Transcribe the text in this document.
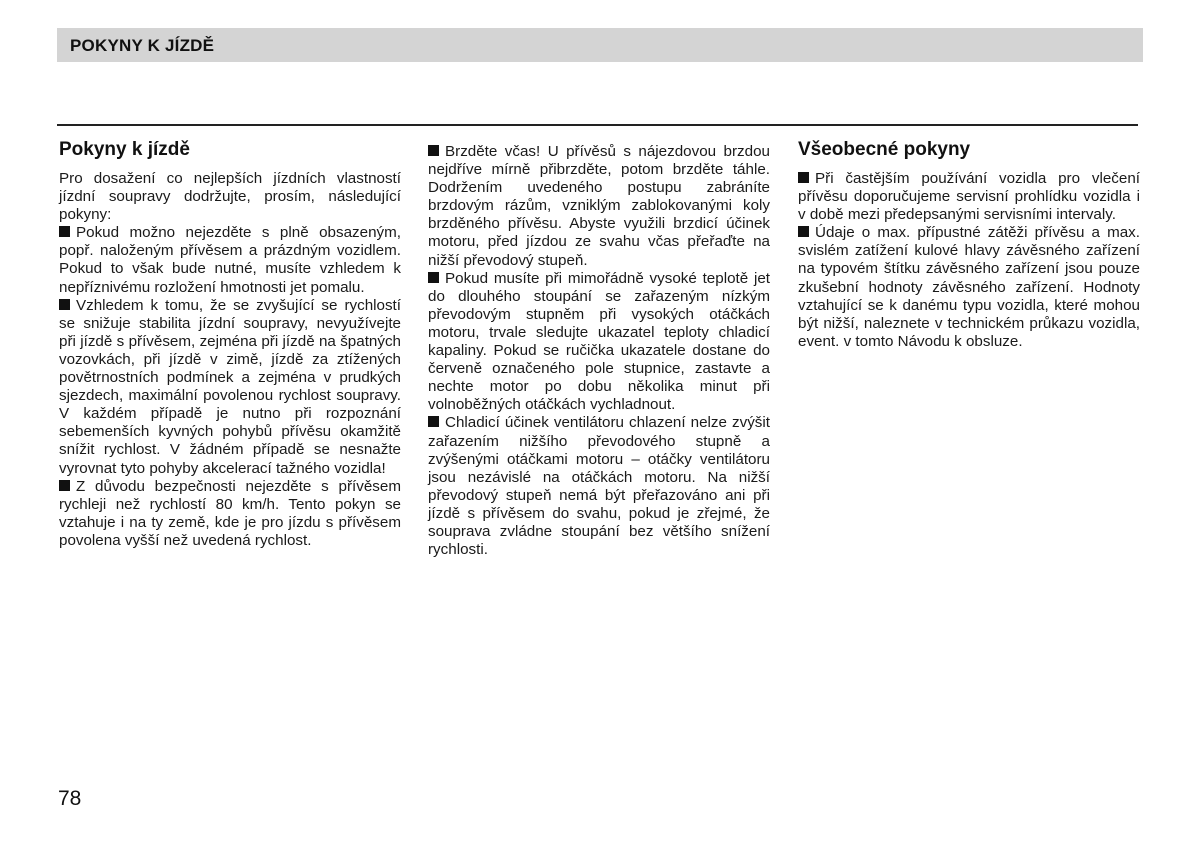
POKYNY K JÍZDĚ
Pokyny k jízdě

Pro dosažení co nejlepších jízdních vlastností jízdní soupravy dodržujte, prosím, následující pokyny:

Pokud možno nejezděte s plně obsazeným, popř. naloženým přívěsem a prázdným vozidlem. Pokud to však bude nutné, musíte vzhledem k nepříznivému rozložení hmotnosti jet pomalu.

Vzhledem k tomu, že se zvyšující se rychlostí se snižuje stabilita jízdní soupravy, nevyužívejte při jízdě s přívěsem, zejména při jízdě na špatných vozovkách, při jízdě v zimě, jízdě za ztížených povětrnostních podmínek a zejména v prudkých sjezdech, maximální povolenou rychlost soupravy. V každém případě je nutno při rozpoznání sebemenších kyvných pohybů přívěsu okamžitě snížit rychlost. V žádném případě se nesnažte vyrovnat tyto pohyby akcelerací tažného vozidla!

Z důvodu bezpečnosti nejezděte s přívěsem rychleji než rychlostí 80 km/h. Tento pokyn se vztahuje i na ty země, kde je pro jízdu s přívěsem povolena vyšší než uvedená rychlost.

Brzděte včas! U přívěsů s nájezdovou brzdou nejdříve mírně přibrzděte, potom brzděte táhle. Dodržením uvedeného postupu zabráníte brzdovým rázům, vzniklým zablokovanými koly brzděného přívěsu. Abyste využili brzdicí účinek motoru, před jízdou ze svahu včas přeřaďte na nižší převodový stupeň.

Pokud musíte při mimořádně vysoké teplotě jet do dlouhého stoupání se zařazeným nízkým převodovým stupněm při vysokých otáčkách motoru, trvale sledujte ukazatel teploty chladicí kapaliny. Pokud se ručička ukazatele dostane do červeně označeného pole stupnice, zastavte a nechte motor po dobu několika minut při volnoběžných otáčkách vychladnout.

Chladicí účinek ventilátoru chlazení nelze zvýšit zařazením nižšího převodového stupně a zvýšenými otáčkami motoru – otáčky ventilátoru jsou nezávislé na otáčkách motoru. Na nižší převodový stupeň nemá být přeřazováno ani při jízdě s přívěsem do svahu, pokud je zřejmé, že souprava zvládne stoupání bez většího snížení rychlosti.

Všeobecné pokyny

Při častějším používání vozidla pro vlečení přívěsu doporučujeme servisní prohlídku vozidla i v době mezi předepsanými servisními intervaly.

Údaje o max. přípustné zátěži přívěsu a max. svislém zatížení kulové hlavy závěsného zařízení na typovém štítku závěsného zařízení jsou pouze zkušební hodnoty závěsného zařízení. Hodnoty vztahující se k danému typu vozidla, které mohou být nižší, naleznete v technickém průkazu vozidla, event. v tomto Návodu k obsluze.

78
